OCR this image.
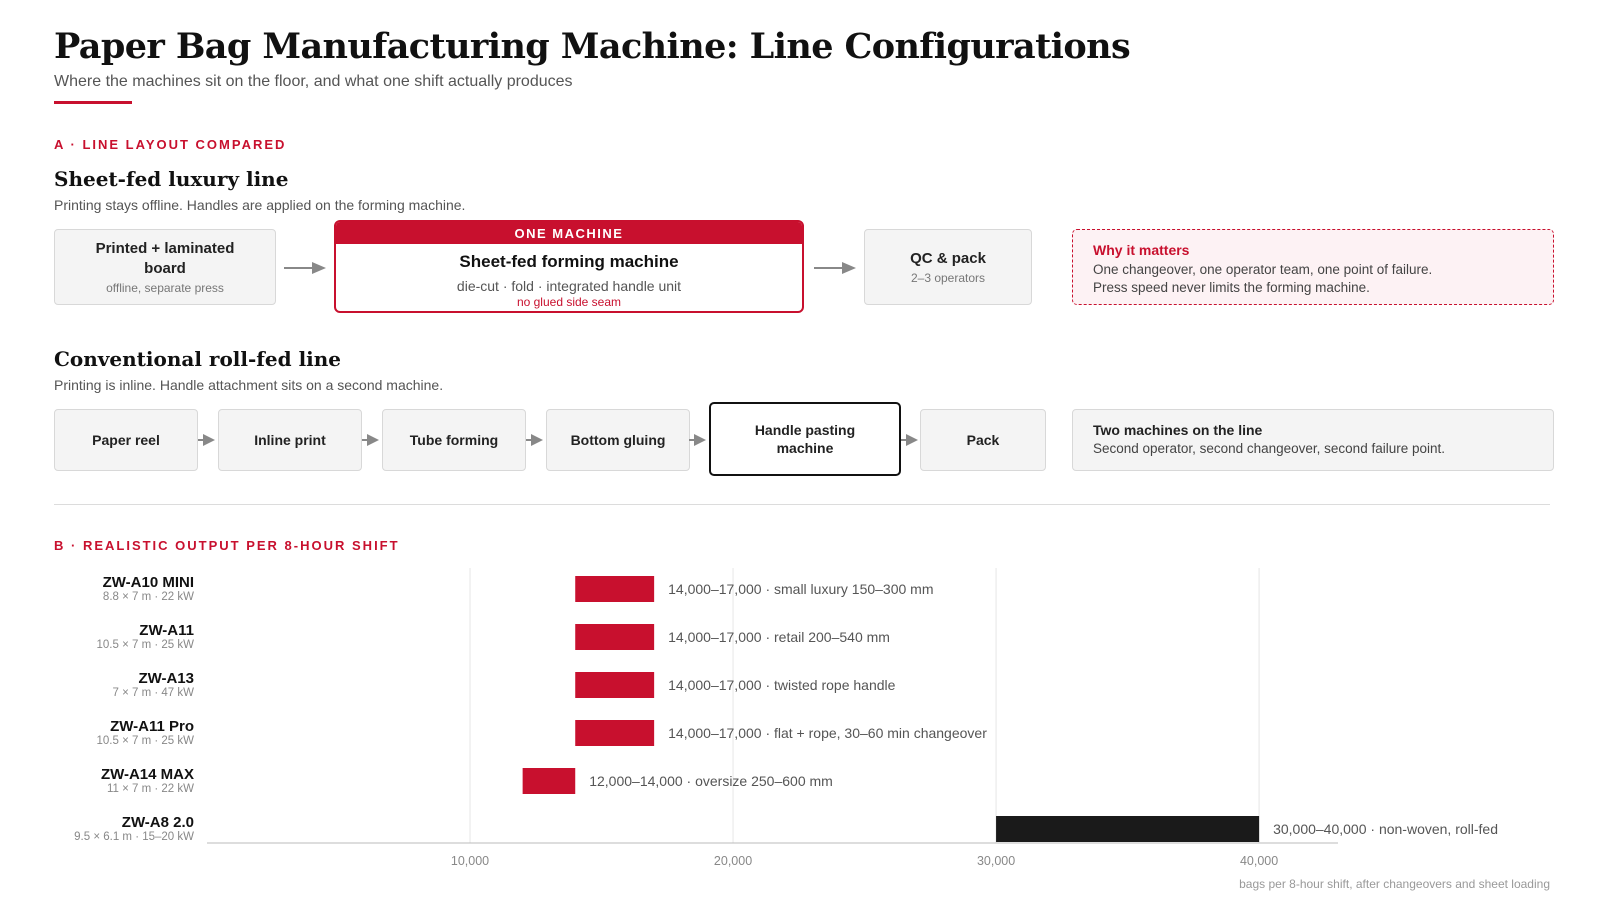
Paper Bag Manufacturing Machine: Line Configurations
Where the machines sit on the floor, and what one shift actually produces
A · LINE LAYOUT COMPARED
Sheet-fed luxury line
Printing stays offline. Handles are applied on the forming machine.
Printed + laminated board
offline, separate press
ONE MACHINE
Sheet-fed forming machine
die-cut · fold · integrated handle unit
no glued side seam
QC & pack
2–3 operators
Why it matters
One changeover, one operator team, one point of failure.
Press speed never limits the forming machine.
Conventional roll-fed line
Printing is inline. Handle attachment sits on a second machine.
Paper reel	Inline print	Tube forming	Bottom gluing
Handle pasting machine	Pack
Two machines on the line
Second operator, second changeover, second failure point.
B · REALISTIC OUTPUT PER 8-HOUR SHIFT
ZW-A10 MINI
8.8 × 7 m · 22 kW
ZW-A11
10.5 × 7 m · 25 kW
ZW-A13
7 × 7 m · 47 kW
ZW-A11 Pro
10.5 × 7 m · 25 kW
ZW-A14 MAX
11 × 7 m · 22 kW
ZW-A8 2.0
9.5 × 6.1 m · 15–20 kW
10,000	20,000	30,000	40,000
14,000–17,000 · small luxury 150–300 mm
14,000–17,000 · retail 200–540 mm
14,000–17,000 · twisted rope handle
14,000–17,000 · flat + rope, 30–60 min changeover
12,000–14,000 · oversize 250–600 mm
30,000–40,000 · non-woven, roll-fed
bags per 8-hour shift, after changeovers and sheet loading
